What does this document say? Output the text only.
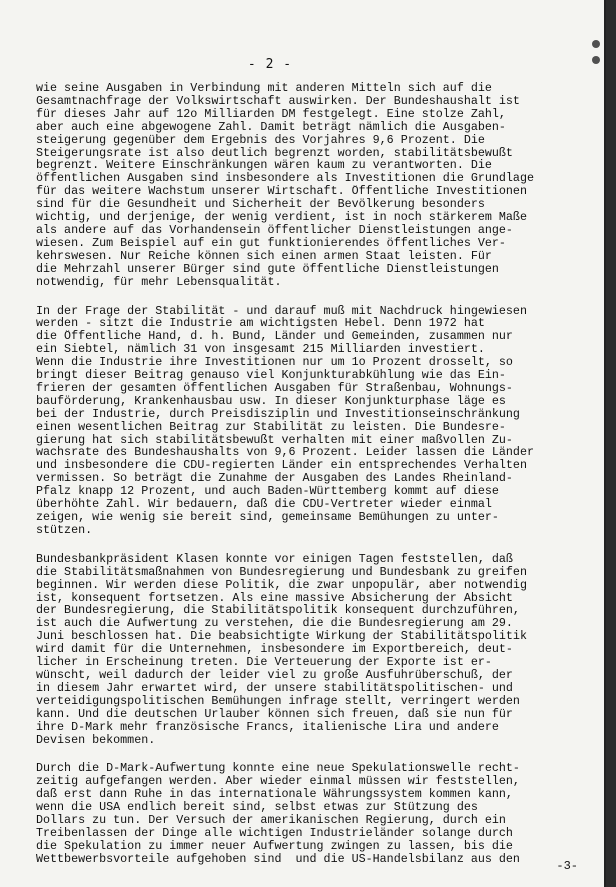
- 2 -
wie seine Ausgaben in Verbindung mit anderen Mitteln sich auf die
Gesamtnachfrage der Volkswirtschaft auswirken. Der Bundeshaushalt ist
für dieses Jahr auf 12o Milliarden DM festgelegt. Eine stolze Zahl,
aber auch eine abgewogene Zahl. Damit beträgt nämlich die Ausgaben-
steigerung gegenüber dem Ergebnis des Vorjahres 9,6 Prozent. Die
Steigerungsrate ist also deutlich begrenzt worden, stabilitätsbewußt
begrenzt. Weitere Einschränkungen wären kaum zu verantworten. Die
öffentlichen Ausgaben sind insbesondere als Investitionen die Grundlage
für das weitere Wachstum unserer Wirtschaft. Öffentliche Investitionen
sind für die Gesundheit und Sicherheit der Bevölkerung besonders
wichtig, und derjenige, der wenig verdient, ist in noch stärkerem Maße
als andere auf das Vorhandensein öffentlicher Dienstleistungen ange-
wiesen. Zum Beispiel auf ein gut funktionierendes öffentliches Ver-
kehrswesen. Nur Reiche können sich einen armen Staat leisten. Für
die Mehrzahl unserer Bürger sind gute öffentliche Dienstleistungen
notwendig, für mehr Lebensqualität.
In der Frage der Stabilität - und darauf muß mit Nachdruck hingewiesen
werden - sitzt die Industrie am wichtigsten Hebel. Denn 1972 hat
die Öffentliche Hand, d. h. Bund, Länder und Gemeinden, zusammen nur
ein Siebtel, nämlich 31 von insgesamt 215 Milliarden investiert.
Wenn die Industrie ihre Investitionen nur um 1o Prozent drosselt, so
bringt dieser Beitrag genauso viel Konjunkturabkühlung wie das Ein-
frieren der gesamten öffentlichen Ausgaben für Straßenbau, Wohnungs-
bauförderung, Krankenhausbau usw. In dieser Konjunkturphase läge es
bei der Industrie, durch Preisdisziplin und Investitionseinschränkung
einen wesentlichen Beitrag zur Stabilität zu leisten. Die Bundesre-
gierung hat sich stabilitätsbewußt verhalten mit einer maßvollen Zu-
wachsrate des Bundeshaushalts von 9,6 Prozent. Leider lassen die Länder
und insbesondere die CDU-regierten Länder ein entsprechendes Verhalten
vermissen. So beträgt die Zunahme der Ausgaben des Landes Rheinland-
Pfalz knapp 12 Prozent, und auch Baden-Württemberg kommt auf diese
überhöhte Zahl. Wir bedauern, daß die CDU-Vertreter wieder einmal
zeigen, wie wenig sie bereit sind, gemeinsame Bemühungen zu unter-
stützen.
Bundesbankpräsident Klasen konnte vor einigen Tagen feststellen, daß
die Stabilitätsmaßnahmen von Bundesregierung und Bundesbank zu greifen
beginnen. Wir werden diese Politik, die zwar unpopulär, aber notwendig
ist, konsequent fortsetzen. Als eine massive Absicherung der Absicht
der Bundesregierung, die Stabilitätspolitik konsequent durchzuführen,
ist auch die Aufwertung zu verstehen, die die Bundesregierung am 29.
Juni beschlossen hat. Die beabsichtigte Wirkung der Stabilitätspolitik
wird damit für die Unternehmen, insbesondere im Exportbereich, deut-
licher in Erscheinung treten. Die Verteuerung der Exporte ist er-
wünscht, weil dadurch der leider viel zu große Ausfuhrüberschuß, der
in diesem Jahr erwartet wird, der unsere stabilitätspolitischen- und
verteidigungspolitischen Bemühungen infrage stellt, verringert werden
kann. Und die deutschen Urlauber können sich freuen, daß sie nun für
ihre D-Mark mehr französische Francs, italienische Lira und andere
Devisen bekommen.
Durch die D-Mark-Aufwertung konnte eine neue Spekulationswelle recht-
zeitig aufgefangen werden. Aber wieder einmal müssen wir feststellen,
daß erst dann Ruhe in das internationale Währungssystem kommen kann,
wenn die USA endlich bereit sind, selbst etwas zur Stützung des
Dollars zu tun. Der Versuch der amerikanischen Regierung, durch ein
Treibenlassen der Dinge alle wichtigen Industrieländer solange durch
die Spekulation zu immer neuer Aufwertung zwingen zu lassen, bis die
Wettbewerbsvorteile aufgehoben sind  und die US-Handelsbilanz aus den
-3-
